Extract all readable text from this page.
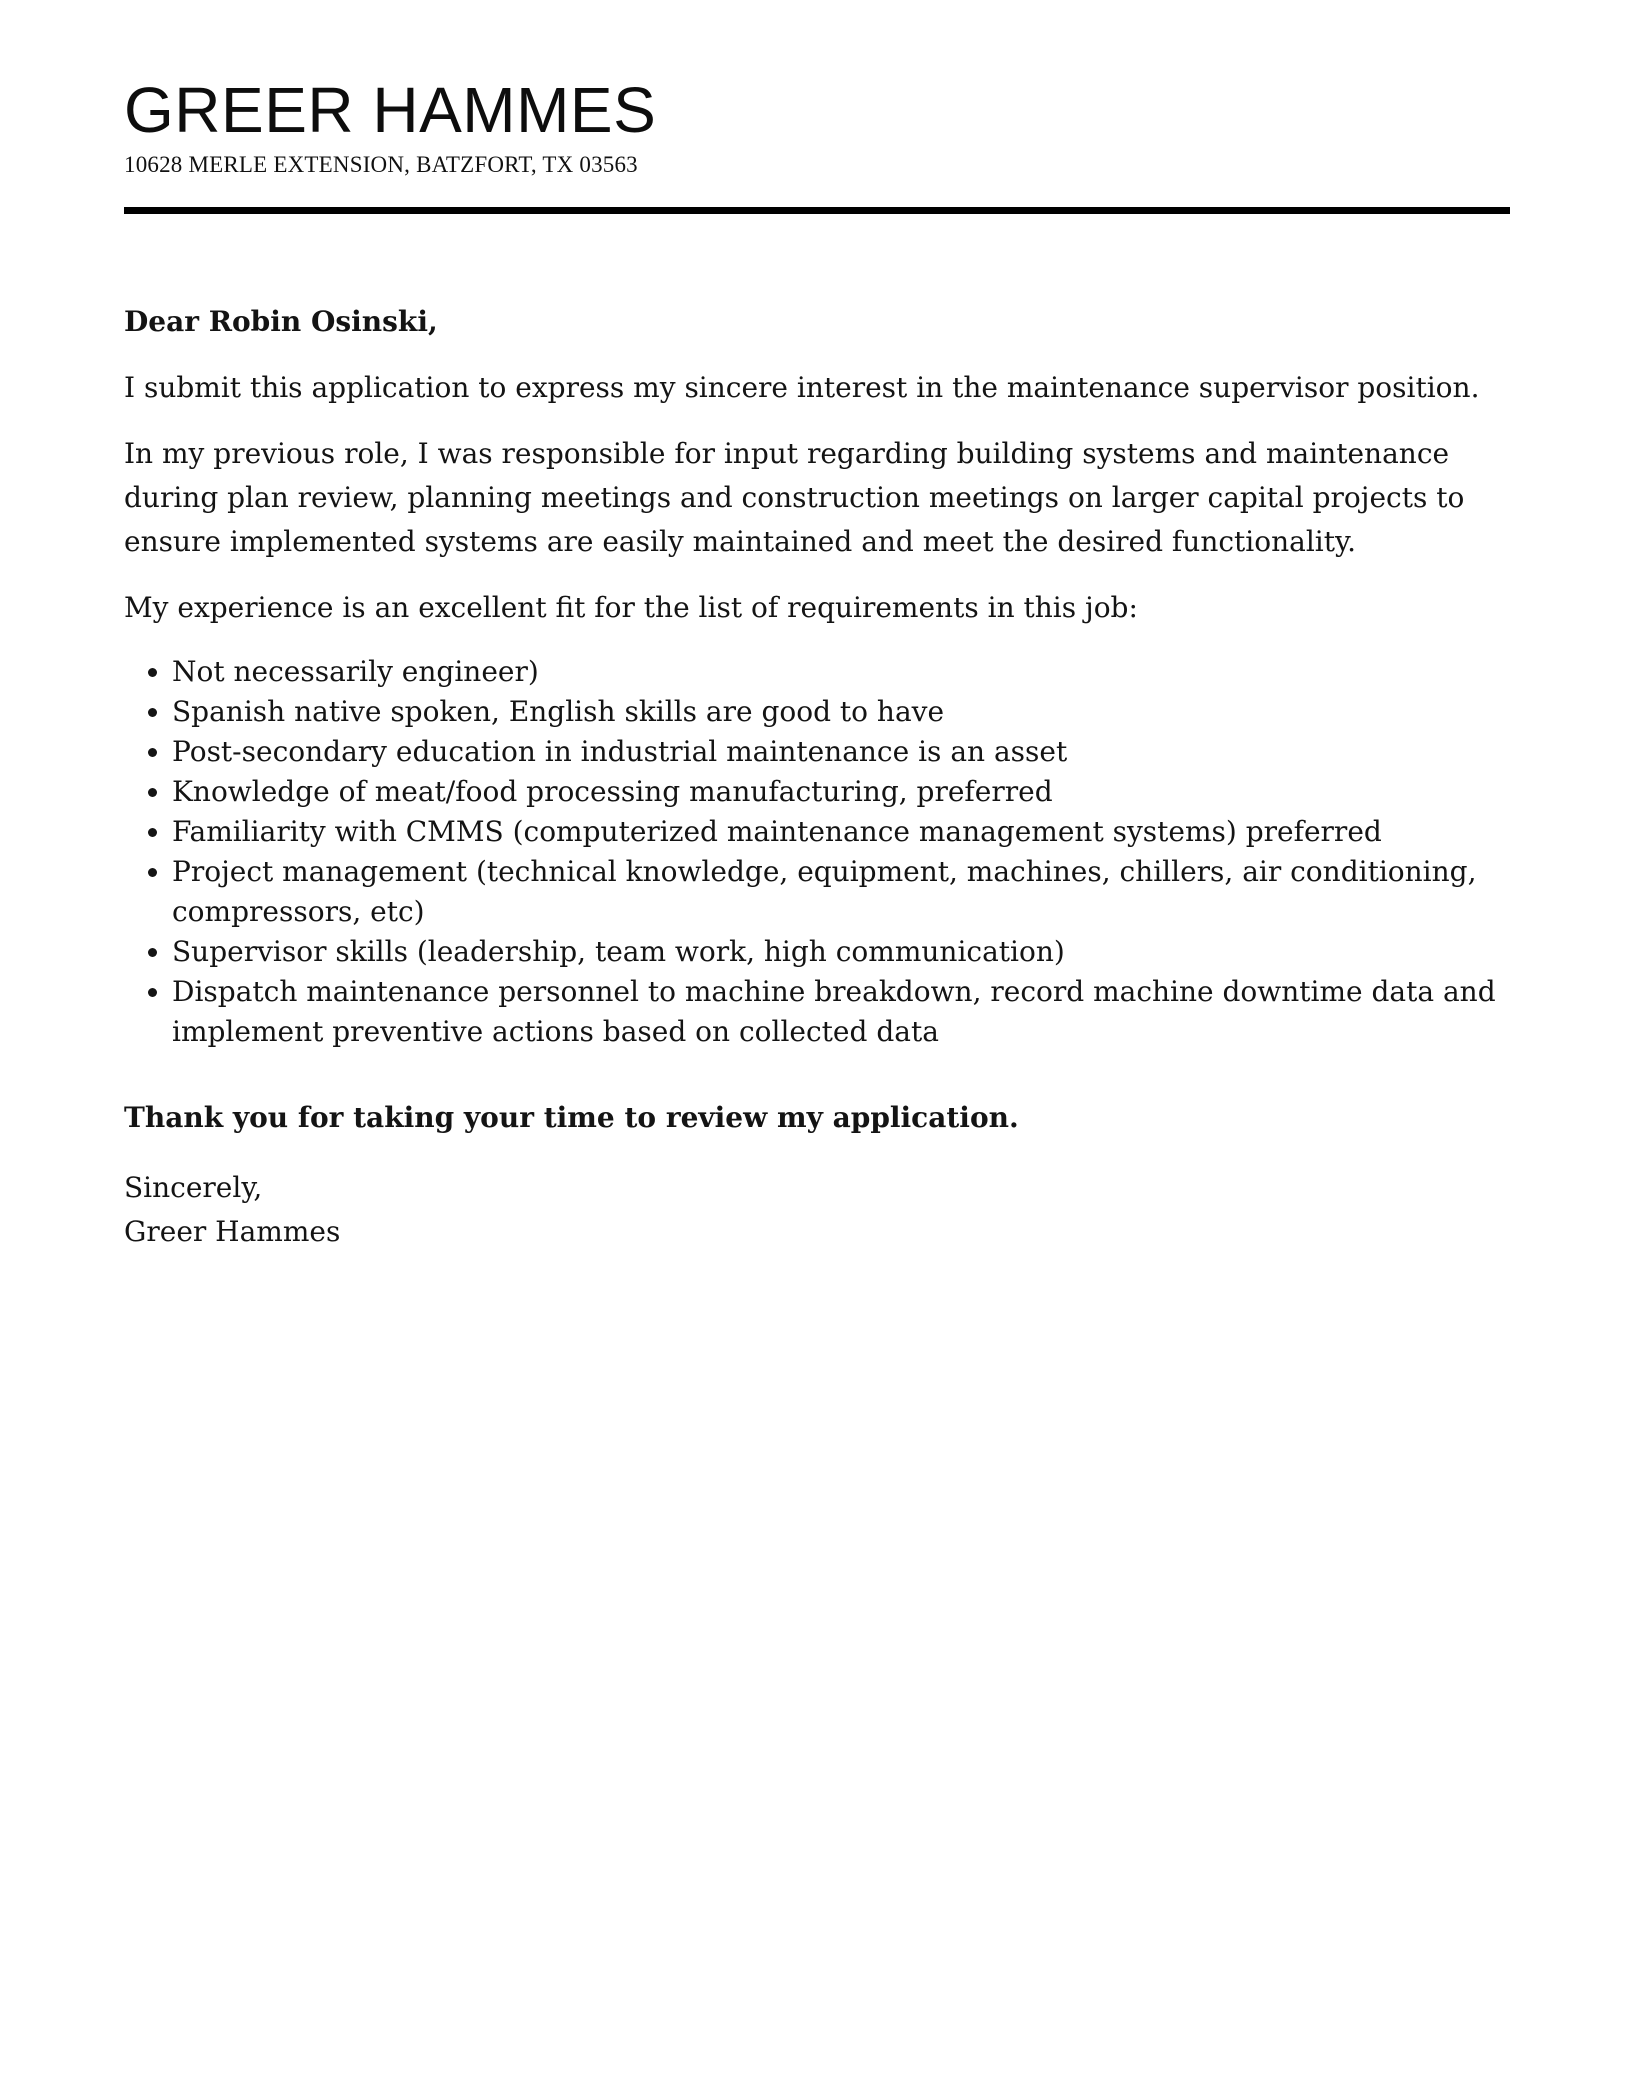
GREER HAMMES

10628 MERLE EXTENSION, BATZFORT, TX 03563

Dear Robin Osinski,

I submit this application to express my sincere interest in the maintenance supervisor position.

In my previous role, I was responsible for input regarding building systems and maintenance during plan review, planning meetings and construction meetings on larger capital projects to ensure implemented systems are easily maintained and meet the desired functionality.

My experience is an excellent fit for the list of requirements in this job:

• Not necessarily engineer)
• Spanish native spoken, English skills are good to have
• Post-secondary education in industrial maintenance is an asset
• Knowledge of meat/food processing manufacturing, preferred
• Familiarity with CMMS (computerized maintenance management systems) preferred
• Project management (technical knowledge, equipment, machines, chillers, air conditioning, compressors, etc)
• Supervisor skills (leadership, team work, high communication)
• Dispatch maintenance personnel to machine breakdown, record machine downtime data and implement preventive actions based on collected data

Thank you for taking your time to review my application.

Sincerely,

Greer Hammes
